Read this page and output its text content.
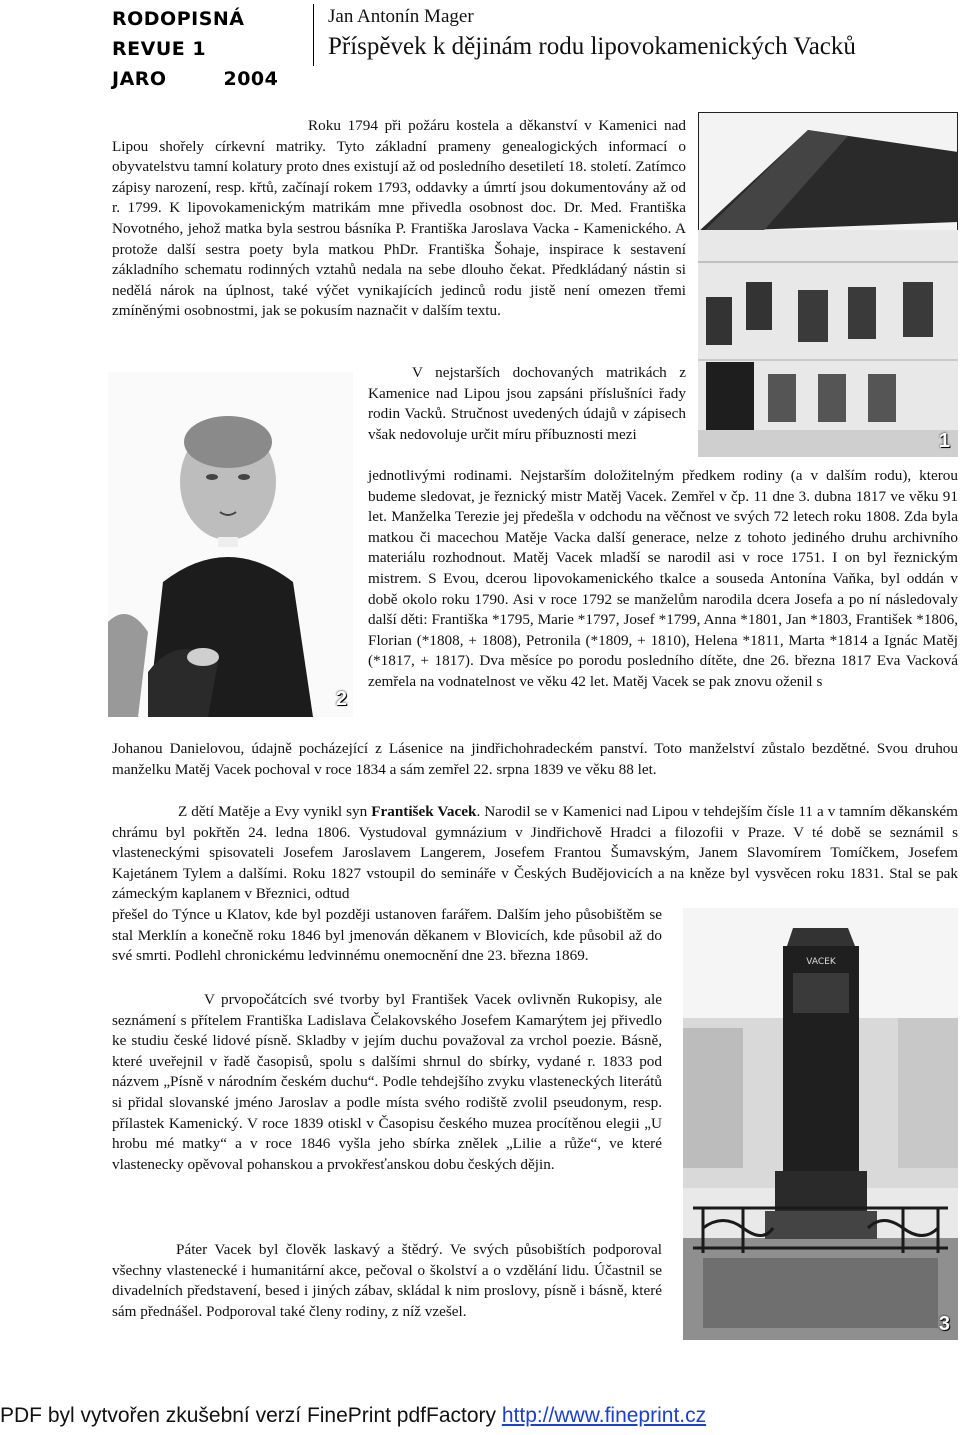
RODOPISNÁ REVUE 1
JARO        2004
Jan Antonín Mager
Příspěvek k dějinám rodu lipovokamenických Vacků

Roku 1794 při požáru kostela a děkanství v Kamenici nad Lipou shořely církevní matriky. Tyto základní prameny genealogických informací o obyvatelstvu tamní kolatury proto dnes existují až od posledního desetiletí 18. století. Zatímco zápisy narození, resp. křtů, začínají rokem 1793, oddavky a úmrtí jsou dokumentovány až od r. 1799. K lipovokamenickým matrikám mne přivedla osobnost doc. Dr. Med. Františka Novotného, jehož matka byla sestrou básníka P. Františka Jaroslava Vacka - Kamenického. A protože další sestra poety byla matkou PhDr. Františka Šohaje, inspirace k sestavení základního schematu rodinných vztahů nedala na sebe dlouho čekat. Předkládaný nástin si nedělá nárok na úplnost, také výčet vynikajících jedinců rodu jistě není omezen třemi zmíněnými osobnostmi, jak se pokusím naznačit v dalším textu.

1
2

V nejstarších dochovaných matrikách z Kamenice nad Lipou jsou zapsáni příslušníci řady rodin Vacků. Stručnost uvedených údajů v zápisech však nedovoluje určit míru příbuznosti mezi

jednotlivými rodinami. Nejstarším doložitelným předkem rodiny (a v dalším rodu), kterou budeme sledovat, je řeznický mistr Matěj Vacek. Zemřel v čp. 11 dne 3. dubna 1817 ve věku 91 let. Manželka Terezie jej předešla v odchodu na věčnost ve svých 72 letech roku 1808. Zda byla matkou či macechou Matěje Vacka další generace, nelze z tohoto jediného druhu archivního materiálu rozhodnout. Matěj Vacek mladší se narodil asi v roce 1751. I on byl řeznickým mistrem. S Evou, dcerou lipovokamenického tkalce a souseda Antonína Vaňka, byl oddán v době okolo roku 1790. Asi v roce 1792 se manželům narodila dcera Josefa a po ní následovaly další děti: Františka *1795, Marie *1797, Josef *1799, Anna *1801, Jan *1803, František *1806, Florian (*1808, + 1808), Petronila (*1809, + 1810), Helena *1811, Marta *1814 a Ignác Matěj (*1817, + 1817). Dva měsíce po porodu posledního dítěte, dne 26. března 1817 Eva Vacková zemřela na vodnatelnost ve věku 42 let. Matěj Vacek se pak znovu oženil s

Johanou Danielovou, údajně pocházející z Lásenice na jindřichohradeckém panství. Toto manželství zůstalo bezdětné. Svou druhou manželku Matěj Vacek pochoval v roce 1834 a sám zemřel 22. srpna 1839 ve věku 88 let.

Z dětí Matěje a Evy vynikl syn František Vacek. Narodil se v Kamenici nad Lipou v tehdejším čísle 11 a v tamním děkanském chrámu byl pokřtěn 24. ledna 1806. Vystudoval gymnázium v Jindřichově Hradci a filozofii v Praze. V té době se seznámil s vlasteneckými spisovateli Josefem Jaroslavem Langerem, Josefem Frantou Šumavským, Janem Slavomírem Tomíčkem, Josefem Kajetánem Tylem a dalšími. Roku 1827 vstoupil do semináře v Českých Budějovicích a na kněze byl vysvěcen roku 1831. Stal se pak zámeckým kaplanem v Březnici, odtud

přešel do Týnce u Klatov, kde byl později ustanoven farářem. Dalším jeho působištěm se stal Merklín a konečně roku 1846 byl jmenován děkanem v Blovicích, kde působil až do své smrti. Podlehl chronickému ledvinnému onemocnění dne 23. března 1869.

V prvopočátcích své tvorby byl František Vacek ovlivněn Rukopisy, ale seznámení s přítelem Františka Ladislava Čelakovského Josefem Kamarýtem jej přivedlo ke studiu české lidové písně. Skladby v jejím duchu považoval za vrchol poezie. Básně, které uveřejnil v řadě časopisů, spolu s dalšími shrnul do sbírky, vydané r. 1833 pod názvem „Písně v národním českém duchu“. Podle tehdejšího zvyku vlasteneckých literátů si přidal slovanské jméno Jaroslav a podle místa svého rodiště zvolil pseudonym, resp. přílastek Kamenický. V roce 1839 otiskl v Časopisu českého muzea procítěnou elegii „U hrobu mé matky“ a v roce 1846 vyšla jeho sbírka znělek „Lilie a růže“, ve které vlastenecky opěvoval pohanskou a prvokřesťanskou dobu českých dějin.

Páter Vacek byl člověk laskavý a štědrý. Ve svých působištích podporoval všechny vlastenecké i humanitární akce, pečoval o školství a o vzdělání lidu. Účastnil se divadelních představení, besed i jiných zábav, skládal k nim proslovy, písně i básně, které sám přednášel. Podporoval také členy rodiny, z níž vzešel.

VACEK
3
PDF byl vytvořen zkušební verzí FinePrint pdfFactory http://www.fineprint.cz
